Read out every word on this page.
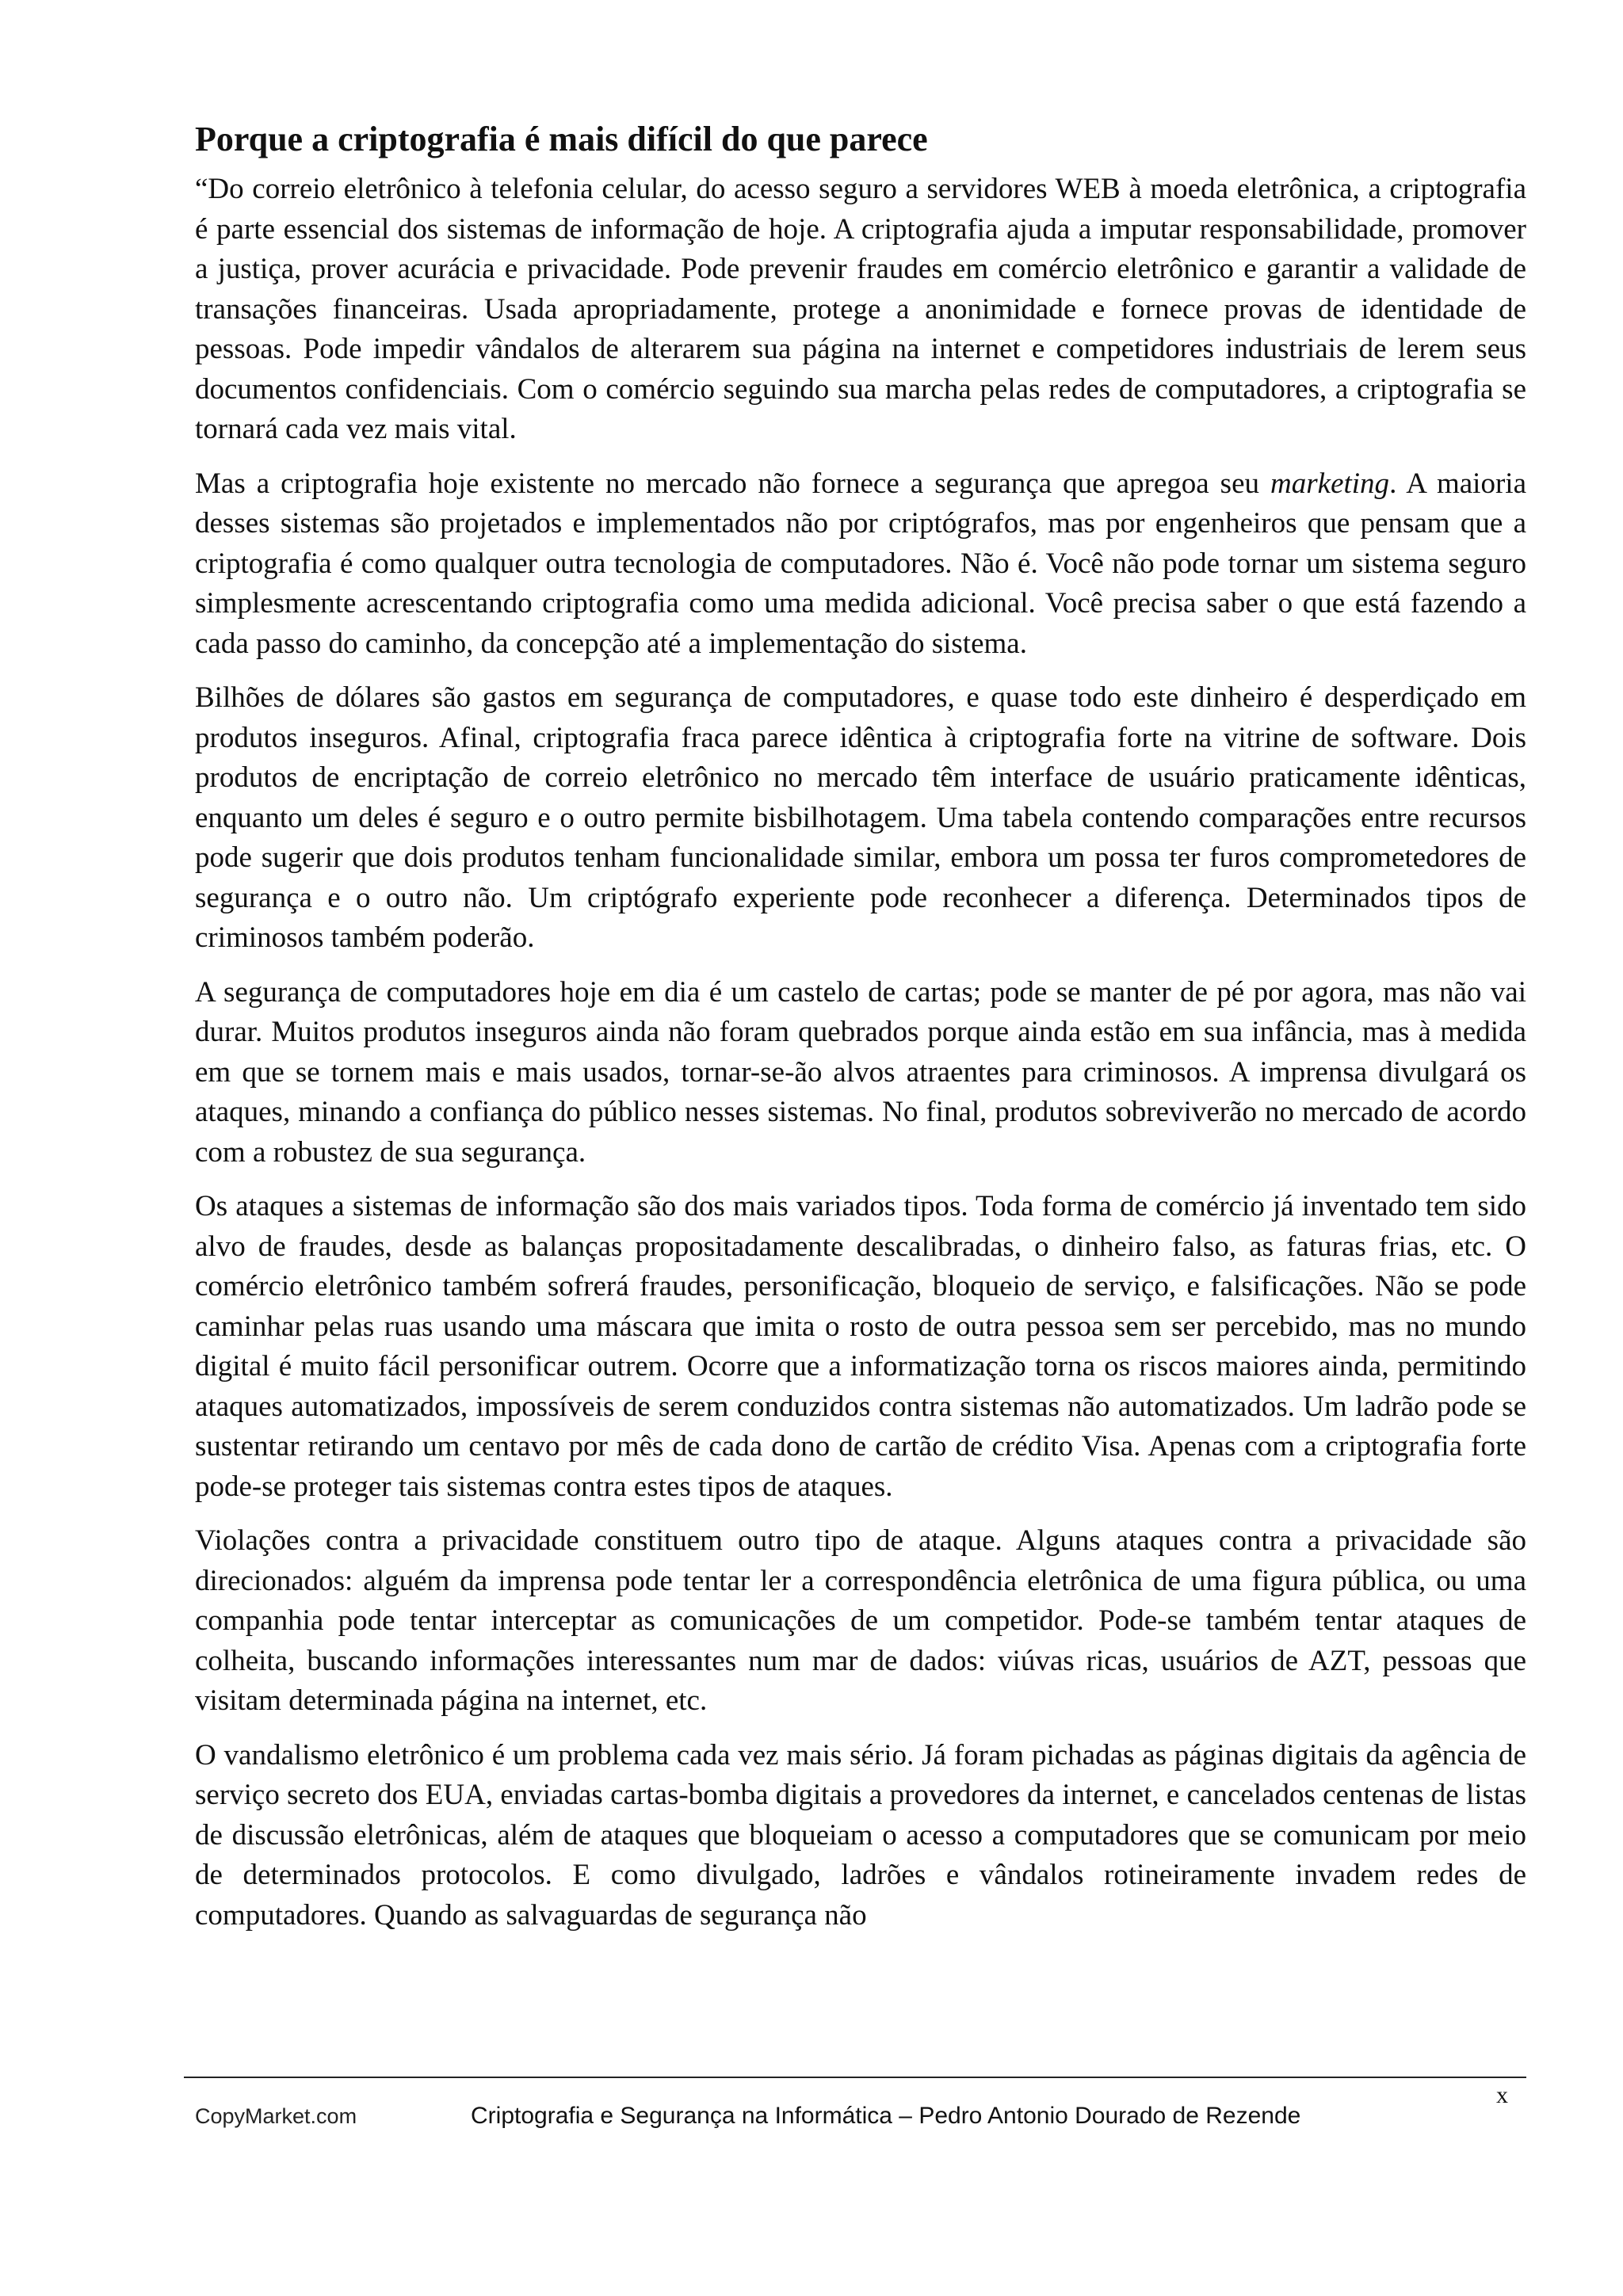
Porque a criptografia é mais difícil do que parece

“Do correio eletrônico à telefonia celular, do acesso seguro a servidores WEB à moeda eletrônica, a criptografia é parte essencial dos sistemas de informação de hoje. A criptografia ajuda a imputar responsabilidade, promover a justiça, prover acurácia e privacidade. Pode prevenir fraudes em comércio eletrônico e garantir a validade de transações financeiras. Usada apropriadamente, protege a anonimidade e fornece provas de identidade de pessoas. Pode impedir vândalos de alterarem sua página na internet e competidores industriais de lerem seus documentos confidenciais. Com o comércio seguindo sua marcha pelas redes de computadores, a criptografia se tornará cada vez mais vital.

Mas a criptografia hoje existente no mercado não fornece a segurança que apregoa seu marketing. A maioria desses sistemas são projetados e implementados não por criptógrafos, mas por engenheiros que pensam que a criptografia é como qualquer outra tecnologia de computadores. Não é. Você não pode tornar um sistema seguro simplesmente acrescentando criptografia como uma medida adicional. Você precisa saber o que está fazendo a cada passo do caminho, da concepção até a implementação do sistema.

Bilhões de dólares são gastos em segurança de computadores, e quase todo este dinheiro é desperdiçado em produtos inseguros. Afinal, criptografia fraca parece idêntica à criptografia forte na vitrine de software. Dois produtos de encriptação de correio eletrônico no mercado têm interface de usuário praticamente idênticas, enquanto um deles é seguro e o outro permite bisbilhotagem. Uma tabela contendo comparações entre recursos pode sugerir que dois produtos tenham funcionalidade similar, embora um possa ter furos comprometedores de segurança e o outro não. Um criptógrafo experiente pode reconhecer a diferença. Determinados tipos de criminosos também poderão.

A segurança de computadores hoje em dia é um castelo de cartas; pode se manter de pé por agora, mas não vai durar. Muitos produtos inseguros ainda não foram quebrados porque ainda estão em sua infância, mas à medida em que se tornem mais e mais usados, tornar-se-ão alvos atraentes para criminosos. A imprensa divulgará os ataques, minando a confiança do público nesses sistemas. No final, produtos sobreviverão no mercado de acordo com a robustez de sua segurança.

Os ataques a sistemas de informação são dos mais variados tipos. Toda forma de comércio já inventado tem sido alvo de fraudes, desde as balanças propositadamente descalibradas, o dinheiro falso, as faturas frias, etc. O comércio eletrônico também sofrerá fraudes, personificação, bloqueio de serviço, e falsificações. Não se pode caminhar pelas ruas usando uma máscara que imita o rosto de outra pessoa sem ser percebido, mas no mundo digital é muito fácil personificar outrem. Ocorre que a informatização torna os riscos maiores ainda, permitindo ataques automatizados, impossíveis de serem conduzidos contra sistemas não automatizados. Um ladrão pode se sustentar retirando um centavo por mês de cada dono de cartão de crédito Visa. Apenas com a criptografia forte pode-se proteger tais sistemas contra estes tipos de ataques.

Violações contra a privacidade constituem outro tipo de ataque. Alguns ataques contra a privacidade são direcionados: alguém da imprensa pode tentar ler a correspondência eletrônica de uma figura pública, ou uma companhia pode tentar interceptar as comunicações de um competidor. Pode-se também tentar ataques de colheita, buscando informações interessantes num mar de dados: viúvas ricas, usuários de AZT, pessoas que visitam determinada página na internet, etc.

O vandalismo eletrônico é um problema cada vez mais sério. Já foram pichadas as páginas digitais da agência de serviço secreto dos EUA, enviadas cartas-bomba digitais a provedores da internet, e cancelados centenas de listas de discussão eletrônicas, além de ataques que bloqueiam o acesso a computadores que se comunicam por meio de determinados protocolos. E como divulgado, ladrões e vândalos rotineiramente invadem redes de computadores. Quando as salvaguardas de segurança não

x
CopyMarket.com	Criptografia e Segurança na Informática – Pedro Antonio Dourado de Rezende
